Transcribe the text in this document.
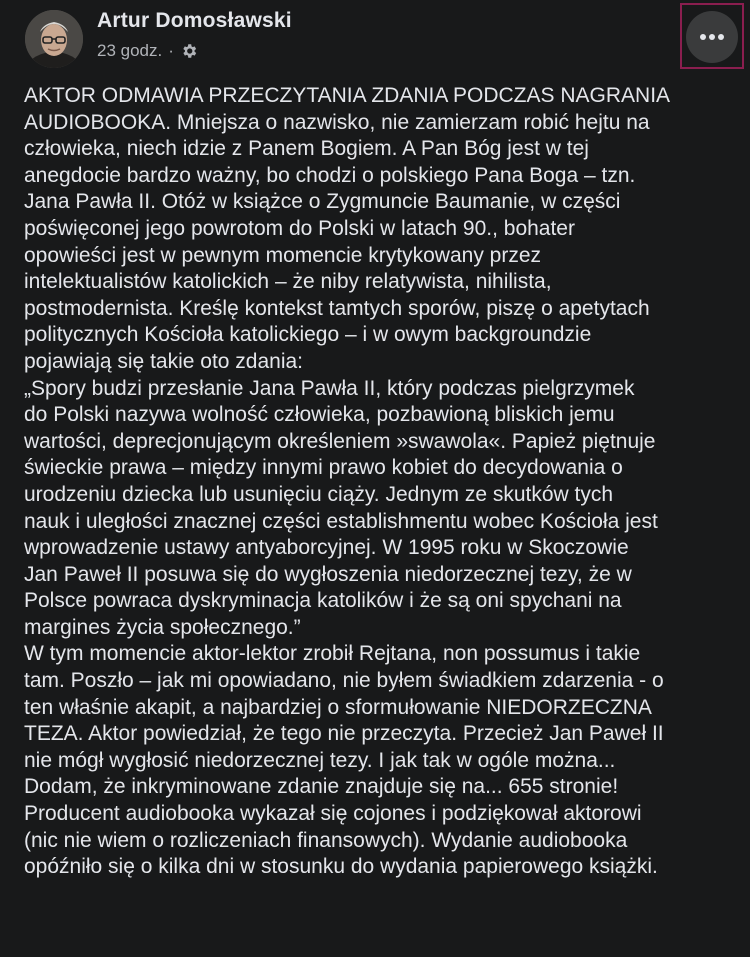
Artur Domosławski
23 godz. ·
AKTOR ODMAWIA PRZECZYTANIA ZDANIA PODCZAS NAGRANIA
AUDIOBOOKA. Mniejsza o nazwisko, nie zamierzam robić hejtu na
człowieka, niech idzie z Panem Bogiem. A Pan Bóg jest w tej
anegdocie bardzo ważny, bo chodzi o polskiego Pana Boga – tzn.
Jana Pawła II. Otóż w książce o Zygmuncie Baumanie, w części
poświęconej jego powrotom do Polski w latach 90., bohater
opowieści jest w pewnym momencie krytykowany przez
intelektualistów katolickich – że niby relatywista, nihilista,
postmodernista. Kreślę kontekst tamtych sporów, piszę o apetytach
politycznych Kościoła katolickiego – i w owym backgroundzie
pojawiają się takie oto zdania:
„Spory budzi przesłanie Jana Pawła II, który podczas pielgrzymek
do Polski nazywa wolność człowieka, pozbawioną bliskich jemu
wartości, deprecjonującym określeniem »swawola«. Papież piętnuje
świeckie prawa – między innymi prawo kobiet do decydowania o
urodzeniu dziecka lub usunięciu ciąży. Jednym ze skutków tych
nauk i uległości znacznej części establishmentu wobec Kościoła jest
wprowadzenie ustawy antyaborcyjnej. W 1995 roku w Skoczowie
Jan Paweł II posuwa się do wygłoszenia niedorzecznej tezy, że w
Polsce powraca dyskryminacja katolików i że są oni spychani na
margines życia społecznego.”
W tym momencie aktor-lektor zrobił Rejtana, non possumus i takie
tam. Poszło – jak mi opowiadano, nie byłem świadkiem zdarzenia - o
ten właśnie akapit, a najbardziej o sformułowanie NIEDORZECZNA
TEZA. Aktor powiedział, że tego nie przeczyta. Przecież Jan Paweł II
nie mógł wygłosić niedorzecznej tezy. I jak tak w ogóle można...
Dodam, że inkryminowane zdanie znajduje się na... 655 stronie!
Producent audiobooka wykazał się cojones i podziękował aktorowi
(nic nie wiem o rozliczeniach finansowych). Wydanie audiobooka
opóźniło się o kilka dni w stosunku do wydania papierowego książki.
